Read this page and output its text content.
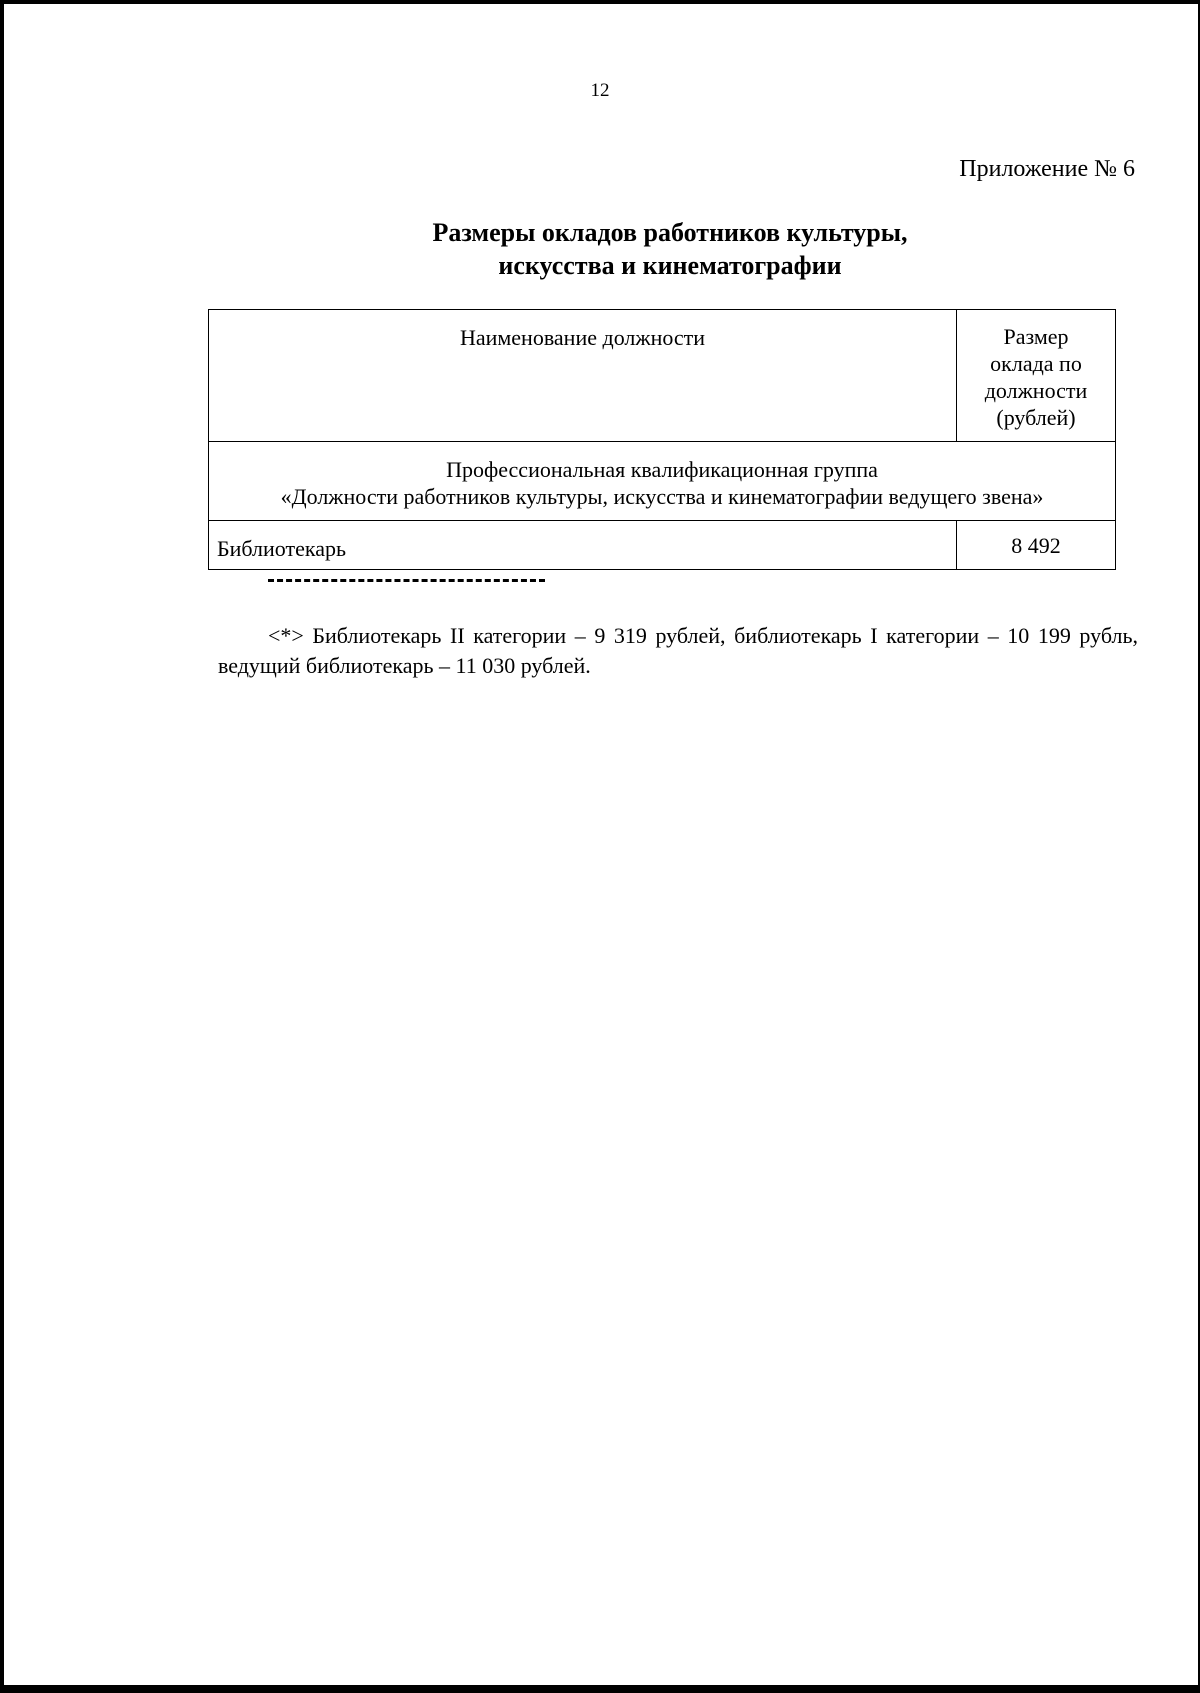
12
Приложение № 6
Размеры окладов работников культуры,
искусства и кинематографии
Наименование должности	Размер
оклада по
должности
(рублей)

Профессиональная квалификационная группа
«Должности работников культуры, искусства и кинематографии ведущего звена»	

Библиотекарь	8 492
<*> Библиотекарь II категории – 9 319 рублей, библиотекарь I категории – 10 199 рубль, ведущий библиотекарь – 11 030 рублей.
